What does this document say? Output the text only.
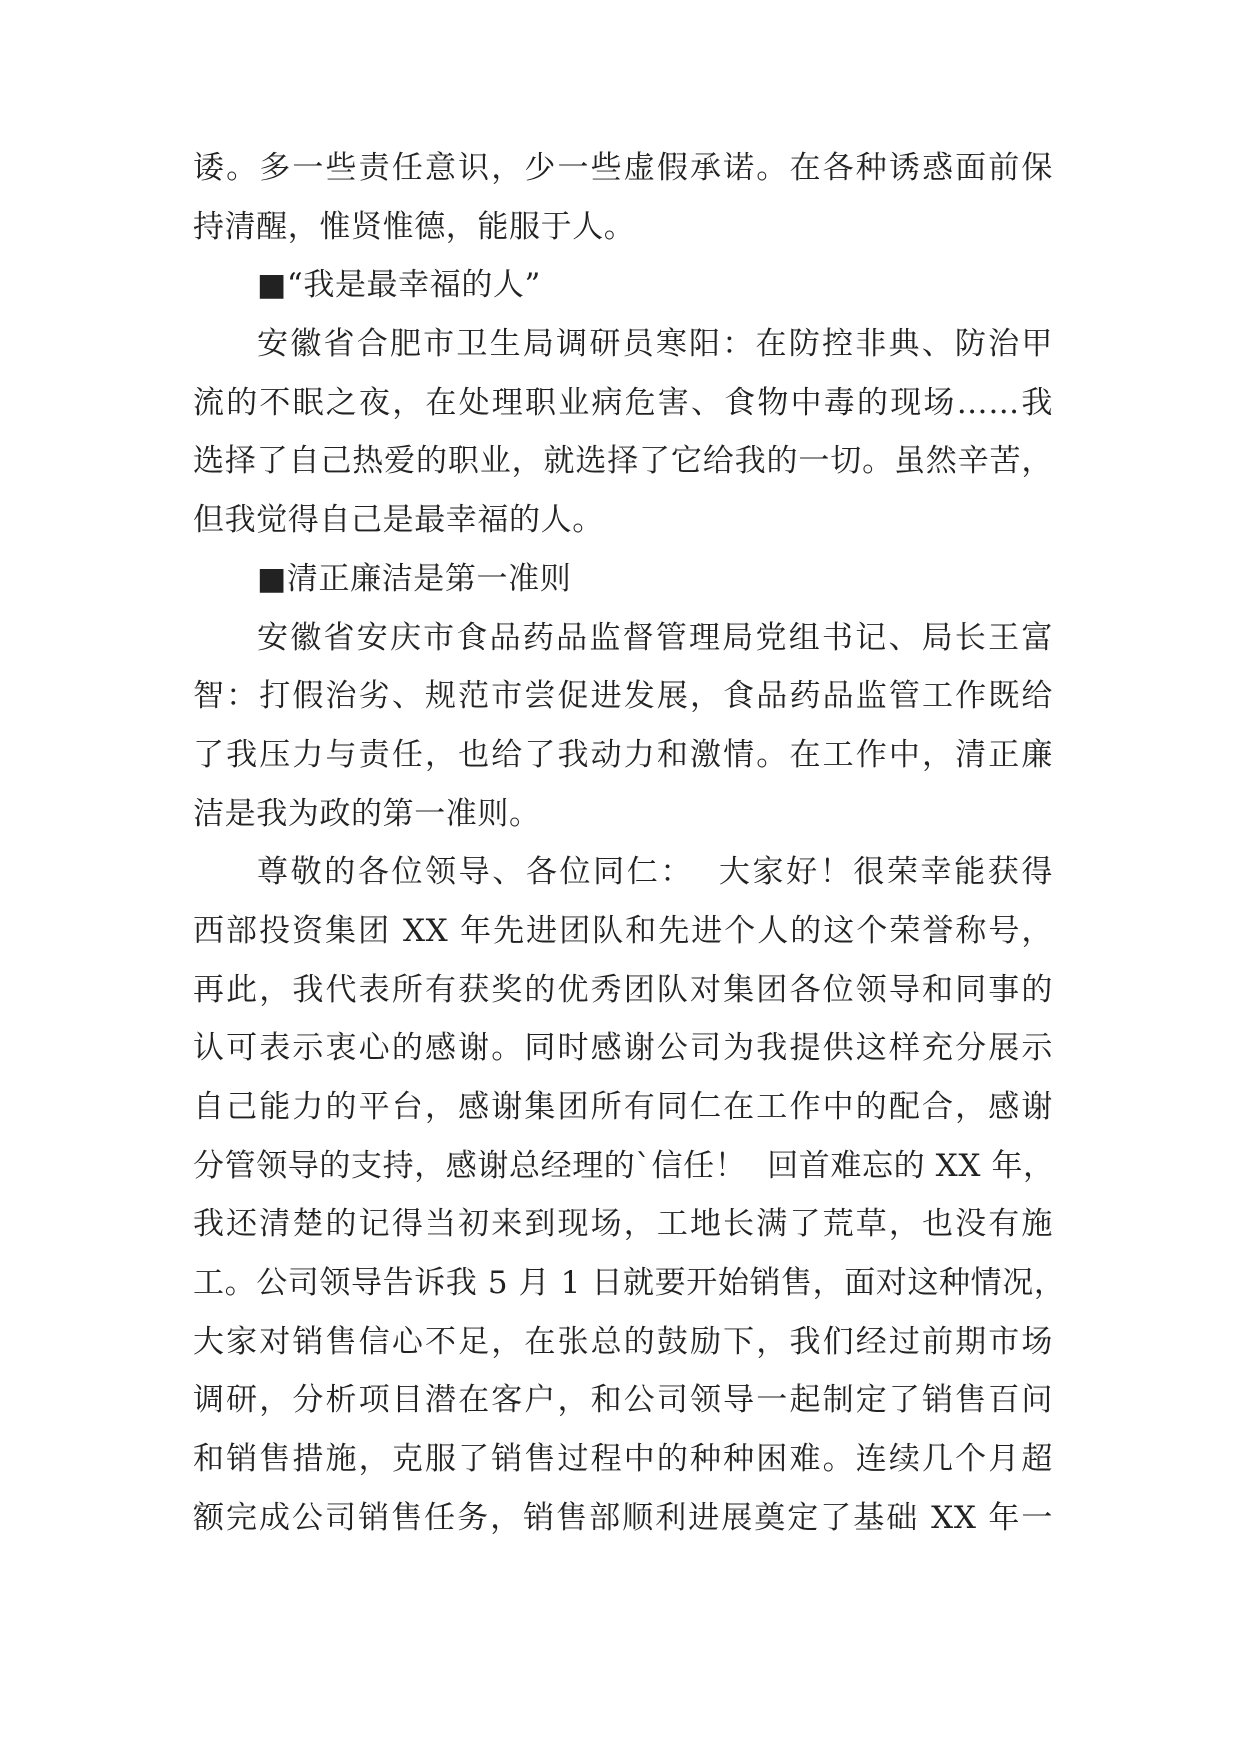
诿。多一些责任意识，少一些虚假承诺。在各种诱惑面前保
持清醒，惟贤惟德，能服于人。
■“我是最幸福的人”
安徽省合肥市卫生局调研员寒阳：在防控非典、防治甲
流的不眠之夜，在处理职业病危害、食物中毒的现场……我
选择了自己热爱的职业，就选择了它给我的一切。虽然辛苦，
但我觉得自己是最幸福的人。
■清正廉洁是第一准则
安徽省安庆市食品药品监督管理局党组书记、局长王富
智：打假治劣、规范市尝促进发展，食品药品监管工作既给
了我压力与责任，也给了我动力和激情。在工作中，清正廉
洁是我为政的第一准则。
尊敬的各位领导、各位同仁：  大家好！很荣幸能获得
西部投资集团 XX 年先进团队和先进个人的这个荣誉称号，
再此，我代表所有获奖的优秀团队对集团各位领导和同事的
认可表示衷心的感谢。同时感谢公司为我提供这样充分展示
自己能力的平台，感谢集团所有同仁在工作中的配合，感谢
分管领导的支持，感谢总经理的`信任！  回首难忘的 XX 年，
我还清楚的记得当初来到现场，工地长满了荒草，也没有施
工。公司领导告诉我 5 月 1 日就要开始销售，面对这种情况，
大家对销售信心不足，在张总的鼓励下，我们经过前期市场
调研，分析项目潜在客户，和公司领导一起制定了销售百问
和销售措施，克服了销售过程中的种种困难。连续几个月超
额完成公司销售任务，销售部顺利进展奠定了基础 XX 年一
